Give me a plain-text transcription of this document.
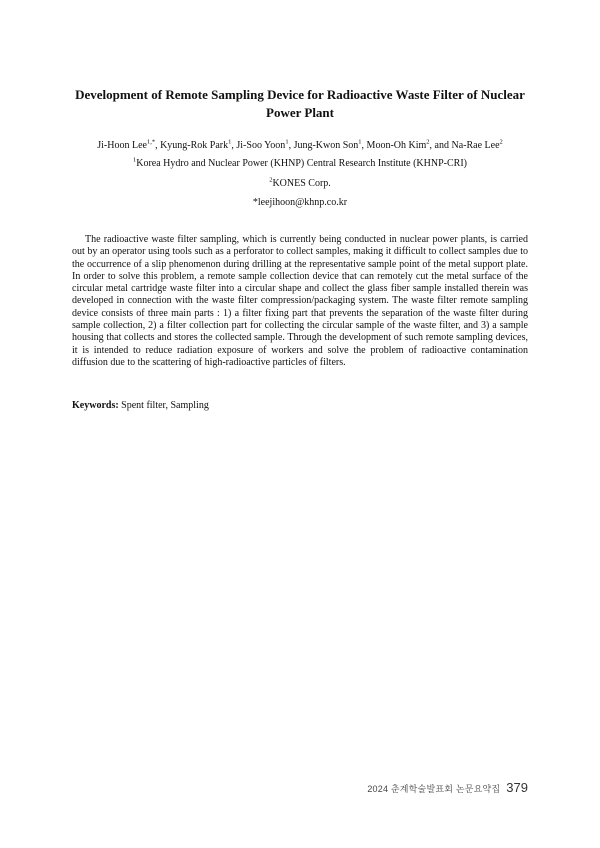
Development of Remote Sampling Device for Radioactive Waste Filter of Nuclear Power Plant
Ji-Hoon Lee$^{1,*}$, Kyung-Rok Park$^1$, Ji-Soo Yoon$^1$, Jung-Kwon Son$^1$, Moon-Oh Kim$^2$, and Na-Rae Lee$^2$
$^1$Korea Hydro and Nuclear Power (KHNP) Central Research Institute (KHNP-CRI)
$^2$KONES Corp.
*leejihoon@khnp.co.kr

The radioactive waste filter sampling, which is currently being conducted in nuclear power plants, is carried out by an operator using tools such as a perforator to collect samples, making it difficult to collect samples due to the occurrence of a slip phenomenon during drilling at the representative sample point of the metal support plate. In order to solve this problem, a remote sample collection device that can remotely cut the metal surface of the circular metal cartridge waste filter into a circular shape and collect the glass fiber sample installed therein was developed in connection with the waste filter compression/packaging system. The waste filter remote sampling device consists of three main parts : 1) a filter fixing part that prevents the separation of the waste filter during sample collection, 2) a filter collection part for collecting the circular sample of the waste filter, and 3) a sample housing that collects and stores the collected sample. Through the development of such remote sampling devices, it is intended to reduce radiation exposure of workers and solve the problem of radioactive contamination diffusion due to the scattering of high-radioactive particles of filters.

Keywords: Spent filter, Sampling
2024 춘계학술발표회 논문요약집 379
